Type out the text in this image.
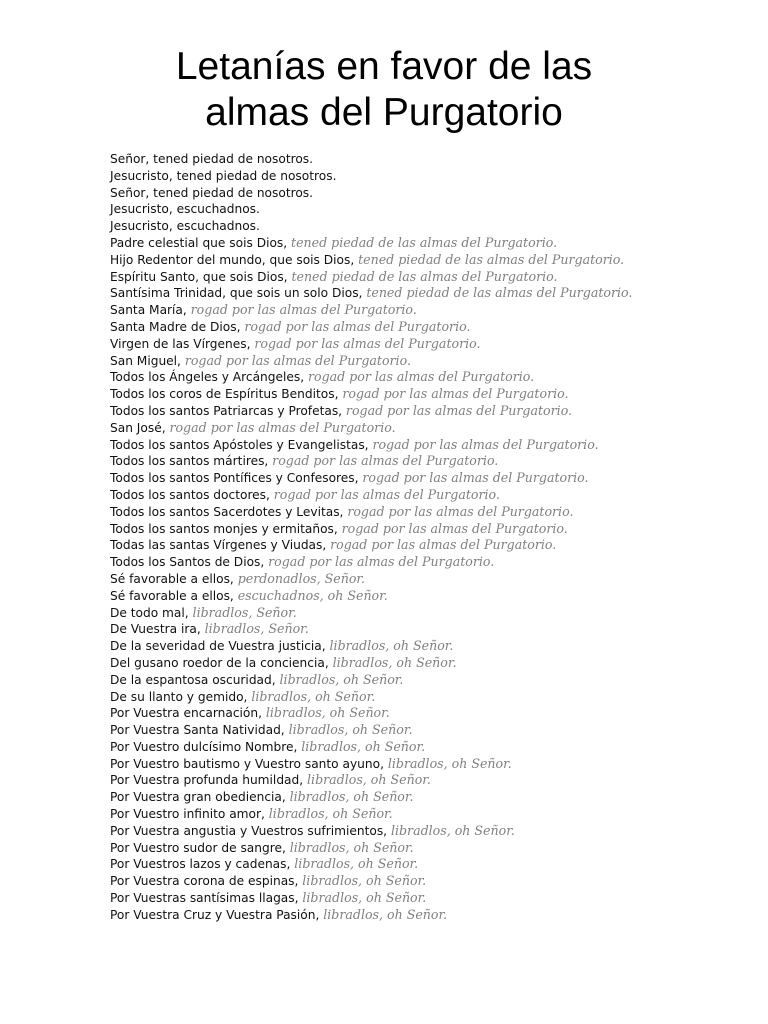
Letanías en favor de las
almas del Purgatorio
Señor, tened piedad de nosotros.
Jesucristo, tened piedad de nosotros.
Señor, tened piedad de nosotros.
Jesucristo, escuchadnos.
Jesucristo, escuchadnos.
Padre celestial que sois Dios, tened piedad de las almas del Purgatorio.
Hijo Redentor del mundo, que sois Dios, tened piedad de las almas del Purgatorio.
Espíritu Santo, que sois Dios, tened piedad de las almas del Purgatorio.
Santísima Trinidad, que sois un solo Dios, tened piedad de las almas del Purgatorio.
Santa María, rogad por las almas del Purgatorio.
Santa Madre de Dios, rogad por las almas del Purgatorio.
Virgen de las Vírgenes, rogad por las almas del Purgatorio.
San Miguel, rogad por las almas del Purgatorio.
Todos los Ángeles y Arcángeles, rogad por las almas del Purgatorio.
Todos los coros de Espíritus Benditos, rogad por las almas del Purgatorio.
Todos los santos Patriarcas y Profetas, rogad por las almas del Purgatorio.
San José, rogad por las almas del Purgatorio.
Todos los santos Apóstoles y Evangelistas, rogad por las almas del Purgatorio.
Todos los santos mártires, rogad por las almas del Purgatorio.
Todos los santos Pontífices y Confesores, rogad por las almas del Purgatorio.
Todos los santos doctores, rogad por las almas del Purgatorio.
Todos los santos Sacerdotes y Levitas, rogad por las almas del Purgatorio.
Todos los santos monjes y ermitaños, rogad por las almas del Purgatorio.
Todas las santas Vírgenes y Viudas, rogad por las almas del Purgatorio.
Todos los Santos de Dios, rogad por las almas del Purgatorio.
Sé favorable a ellos, perdonadlos, Señor.
Sé favorable a ellos, escuchadnos, oh Señor.
De todo mal, libradlos, Señor.
De Vuestra ira, libradlos, Señor.
De la severidad de Vuestra justicia, libradlos, oh Señor.
Del gusano roedor de la conciencia, libradlos, oh Señor.
De la espantosa oscuridad, libradlos, oh Señor.
De su llanto y gemido, libradlos, oh Señor.
Por Vuestra encarnación, libradlos, oh Señor.
Por Vuestra Santa Natividad, libradlos, oh Señor.
Por Vuestro dulcísimo Nombre, libradlos, oh Señor.
Por Vuestro bautismo y Vuestro santo ayuno, libradlos, oh Señor.
Por Vuestra profunda humildad, libradlos, oh Señor.
Por Vuestra gran obediencia, libradlos, oh Señor.
Por Vuestro infinito amor, libradlos, oh Señor.
Por Vuestra angustia y Vuestros sufrimientos, libradlos, oh Señor.
Por Vuestro sudor de sangre, libradlos, oh Señor.
Por Vuestros lazos y cadenas, libradlos, oh Señor.
Por Vuestra corona de espinas, libradlos, oh Señor.
Por Vuestras santísimas llagas, libradlos, oh Señor.
Por Vuestra Cruz y Vuestra Pasión, libradlos, oh Señor.
